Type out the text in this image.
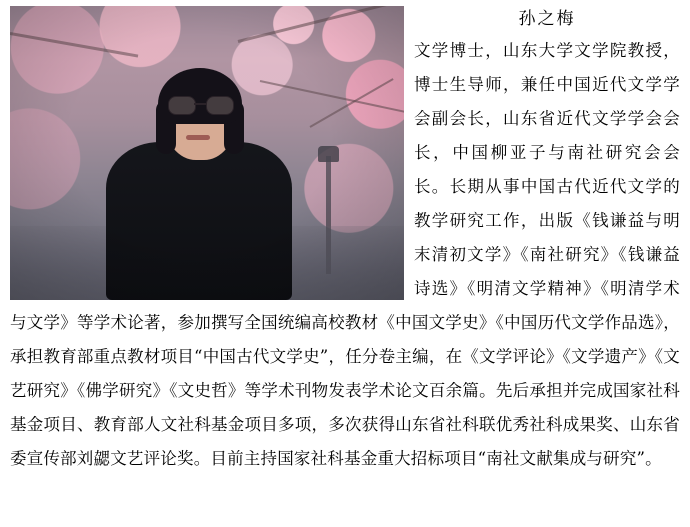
孙之梅
文学博士，山东大学文学院教授，博士生导师，兼任中国近代文学学会副会长，山东省近代文学学会会长，中国柳亚子与南社研究会会长。长期从事中国古代近代文学的教学研究工作，出版《钱谦益与明末清初文学》《南社研究》《钱谦益诗选》《明清文学精神》《明清学术与文学》等学术论著，参加撰写全国统编高校教材《中国文学史》《中国历代文学作品选》，承担教育部重点教材项目“中国古代文学史”，任分卷主编，在《文学评论》《文学遗产》《文艺研究》《佛学研究》《文史哲》等学术刊物发表学术论文百余篇。先后承担并完成国家社科基金项目、教育部人文社科基金项目多项，多次获得山东省社科联优秀社科成果奖、山东省委宣传部刘勰文艺评论奖。目前主持国家社科基金重大招标项目“南社文献集成与研究”。
